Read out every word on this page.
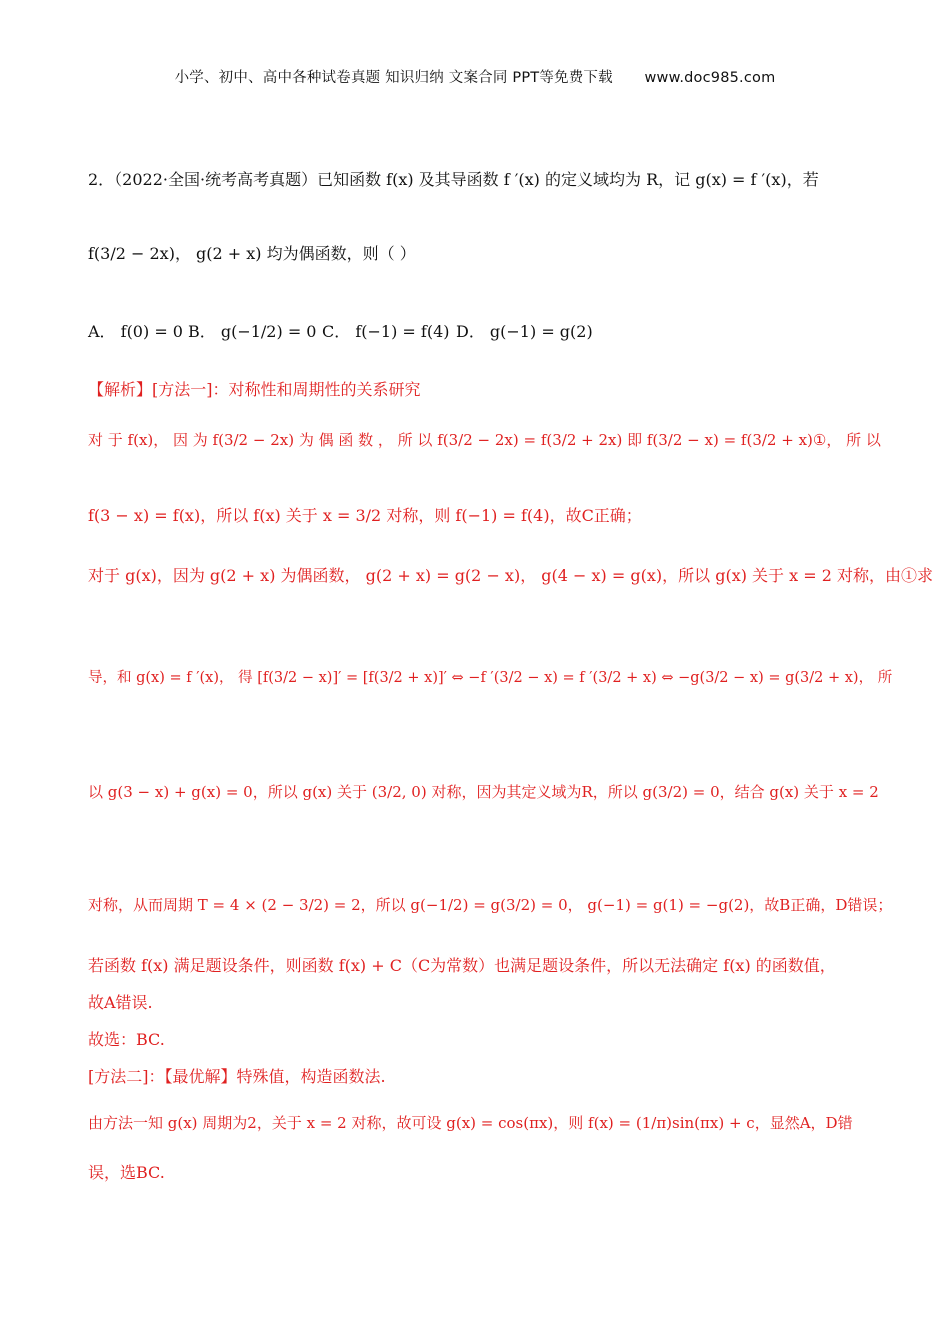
小学、初中、高中各种试卷真题 知识归纳 文案合同 PPT等免费下载 www.doc985.com
2．（2022·全国·统考高考真题）已知函数 f(x) 及其导函数 f ′(x) 的定义域均为 R，记 g(x) = f ′(x)，若
f(3/2 − 2x)， g(2 + x) 均为偶函数，则（ ）
A． f(0) = 0 B． g(−1/2) = 0 C． f(−1) = f(4) D． g(−1) = g(2)
【解析】[方法一]：对称性和周期性的关系研究
对 于 f(x)， 因 为 f(3/2 − 2x) 为 偶 函 数 ， 所 以 f(3/2 − 2x) = f(3/2 + 2x) 即 f(3/2 − x) = f(3/2 + x)①， 所 以
f(3 − x) = f(x)，所以 f(x) 关于 x = 3/2 对称，则 f(−1) = f(4)，故C正确；
对于 g(x)，因为 g(2 + x) 为偶函数， g(2 + x) = g(2 − x)， g(4 − x) = g(x)，所以 g(x) 关于 x = 2 对称，由①求
导，和 g(x) = f ′(x)， 得 [f(3/2 − x)]′ = [f(3/2 + x)]′ ⇔ −f ′(3/2 − x) = f ′(3/2 + x) ⇔ −g(3/2 − x) = g(3/2 + x)， 所
以 g(3 − x) + g(x) = 0，所以 g(x) 关于 (3/2, 0) 对称，因为其定义域为R，所以 g(3/2) = 0，结合 g(x) 关于 x = 2
对称，从而周期 T = 4 × (2 − 3/2) = 2，所以 g(−1/2) = g(3/2) = 0， g(−1) = g(1) = −g(2)，故B正确，D错误；
若函数 f(x) 满足题设条件，则函数 f(x) + C（C为常数）也满足题设条件，所以无法确定 f(x) 的函数值，
故A错误.
故选：BC.
[方法二]：【最优解】特殊值，构造函数法.
由方法一知 g(x) 周期为2，关于 x = 2 对称，故可设 g(x) = cos(πx)，则 f(x) = (1/π)sin(πx) + c，显然A，D错
误，选BC.
